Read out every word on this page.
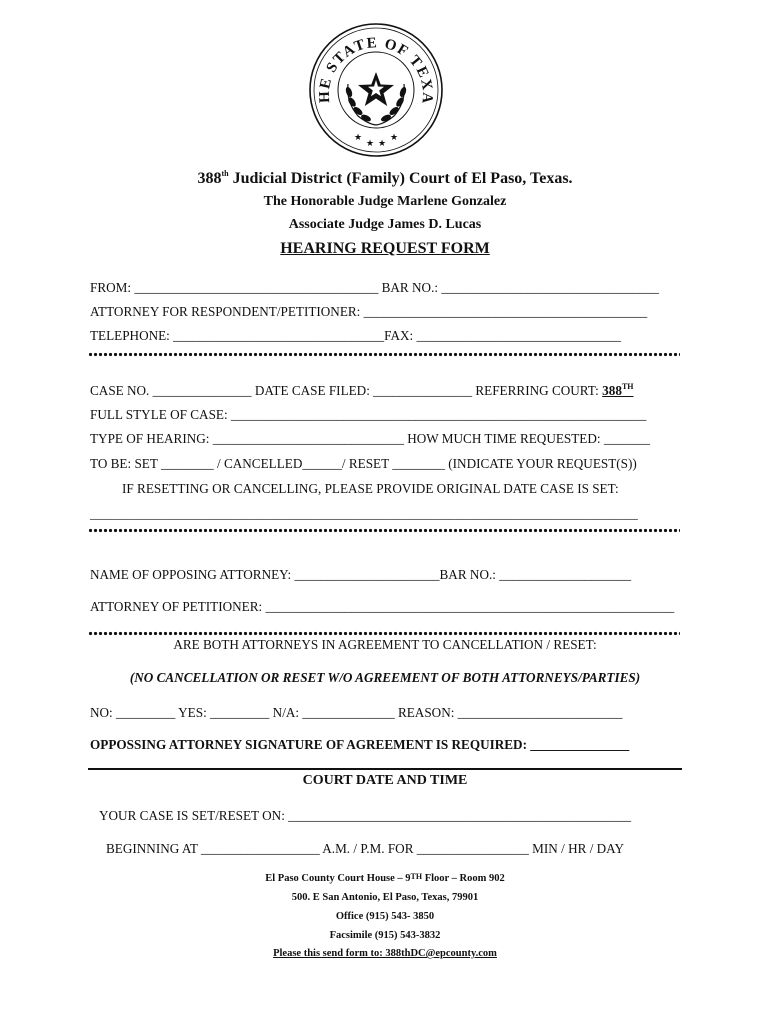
HE STATE OF TEXA
★
★ ★
★
388th Judicial District (Family) Court of El Paso, Texas.
The Honorable Judge Marlene Gonzalez
Associate Judge James D. Lucas
HEARING REQUEST FORM
FROM: _____________________________________ BAR NO.: _________________________________
ATTORNEY FOR RESPONDENT/PETITIONER: ___________________________________________
TELEPHONE: ________________________________FAX: _______________________________
CASE NO. _______________ DATE CASE FILED: _______________ REFERRING COURT: 388TH
FULL STYLE OF CASE: _______________________________________________________________
TYPE OF HEARING: _____________________________ HOW MUCH TIME REQUESTED: _______
TO BE: SET ________ / CANCELLED______/ RESET ________ (INDICATE YOUR REQUEST(S))
IF RESETTING OR CANCELLING, PLEASE PROVIDE ORIGINAL DATE CASE IS SET:
_______________________________________________________________________________________
NAME OF OPPOSING ATTORNEY: ______________________BAR NO.: ____________________
ATTORNEY OF PETITIONER: ______________________________________________________________
ARE BOTH ATTORNEYS IN AGREEMENT TO CANCELLATION / RESET:
(NO CANCELLATION OR RESET W/O AGREEMENT OF BOTH ATTORNEYS/PARTIES)
NO: _________ YES: _________ N/A: ______________ REASON: _________________________
OPPOSSING ATTORNEY SIGNATURE OF AGREEMENT IS REQUIRED: _______________
COURT DATE AND TIME
YOUR CASE IS SET/RESET ON: ____________________________________________________
BEGINNING AT __________________ A.M. / P.M. FOR _________________ MIN / HR / DAY
El Paso County Court House – 9TH Floor – Room 902
500. E San Antonio, El Paso, Texas, 79901
Office (915) 543- 3850
Facsimile (915) 543-3832
Please this send form to: 388thDC@epcounty.com
